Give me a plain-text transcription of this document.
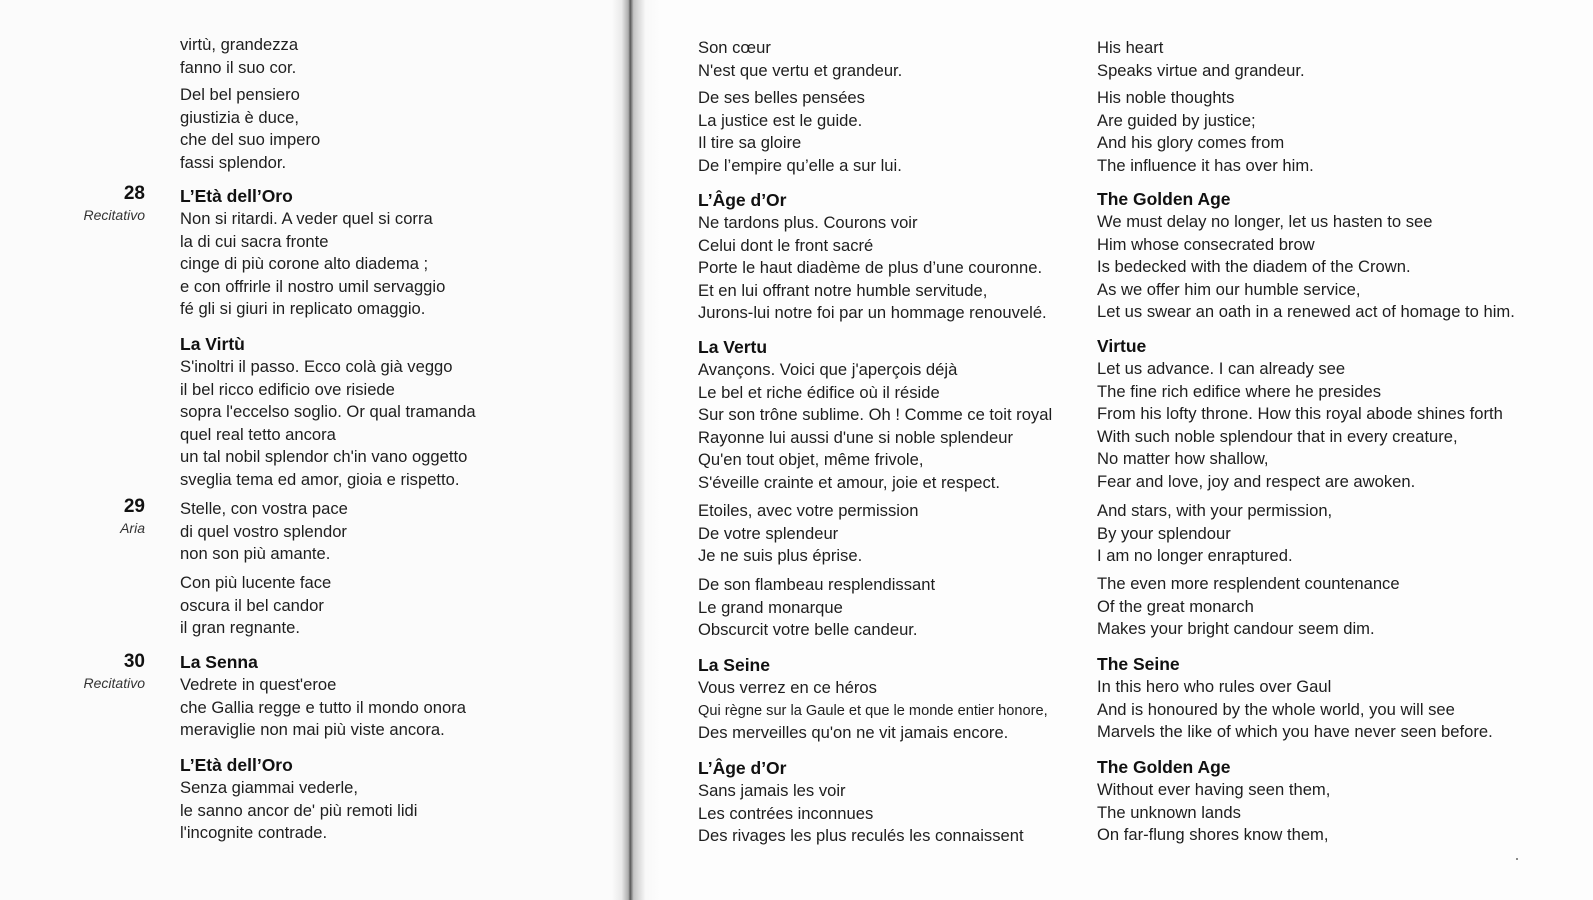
28
Recitativo
29
Aria
30
Recitativo
virtù, grandezza
fanno il suo cor.
Del bel pensiero
giustizia è duce,
che del suo impero
fassi splendor.
L’Età dell’Oro
Non si ritardi. A veder quel si corra
la di cui sacra fronte
cinge di più corone alto diadema ;
e con offrirle il nostro umil servaggio
fé gli si giuri in replicato omaggio.
La Virtù
S'inoltri il passo. Ecco colà già veggo
il bel ricco edificio ove risiede
sopra l'eccelso soglio. Or qual tramanda
quel real tetto ancora
un tal nobil splendor ch'in vano oggetto
sveglia tema ed amor, gioia e rispetto.
Stelle, con vostra pace
di quel vostro splendor
non son più amante.
Con più lucente face
oscura il bel candor
il gran regnante.
La Senna
Vedrete in quest'eroe
che Gallia regge e tutto il mondo onora
meraviglie non mai più viste ancora.
L’Età dell’Oro
Senza giammai vederle,
le sanno ancor de' più remoti lidi
l'incognite contrade.
Son cœur
N'est que vertu et grandeur.
De ses belles pensées
La justice est le guide.
Il tire sa gloire
De l’empire qu’elle a sur lui.
L’Âge d’Or
Ne tardons plus. Courons voir
Celui dont le front sacré
Porte le haut diadème de plus d’une couronne.
Et en lui offrant notre humble servitude,
Jurons-lui notre foi par un hommage renouvelé.
La Vertu
Avançons. Voici que j'aperçois déjà
Le bel et riche édifice où il réside
Sur son trône sublime. Oh ! Comme ce toit royal
Rayonne lui aussi d'une si noble splendeur
Qu'en tout objet, même frivole,
S'éveille crainte et amour, joie et respect.
Etoiles, avec votre permission
De votre splendeur
Je ne suis plus éprise.
De son flambeau resplendissant
Le grand monarque
Obscurcit votre belle candeur.
La Seine
Vous verrez en ce héros
Qui règne sur la Gaule et que le monde entier honore,
Des merveilles qu'on ne vit jamais encore.
L’Âge d’Or
Sans jamais les voir
Les contrées inconnues
Des rivages les plus reculés les connaissent
His heart
Speaks virtue and grandeur.
His noble thoughts
Are guided by justice;
And his glory comes from
The influence it has over him.
The Golden Age
We must delay no longer, let us hasten to see
Him whose consecrated brow
Is bedecked with the diadem of the Crown.
As we offer him our humble service,
Let us swear an oath in a renewed act of homage to him.
Virtue
Let us advance. I can already see
The fine rich edifice where he presides
From his lofty throne. How this royal abode shines forth
With such noble splendour that in every creature,
No matter how shallow,
Fear and love, joy and respect are awoken.
And stars, with your permission,
By your splendour
I am no longer enraptured.
The even more resplendent countenance
Of the great monarch
Makes your bright candour seem dim.
The Seine
In this hero who rules over Gaul
And is honoured by the whole world, you will see
Marvels the like of which you have never seen before.
The Golden Age
Without ever having seen them,
The unknown lands
On far-flung shores know them,
